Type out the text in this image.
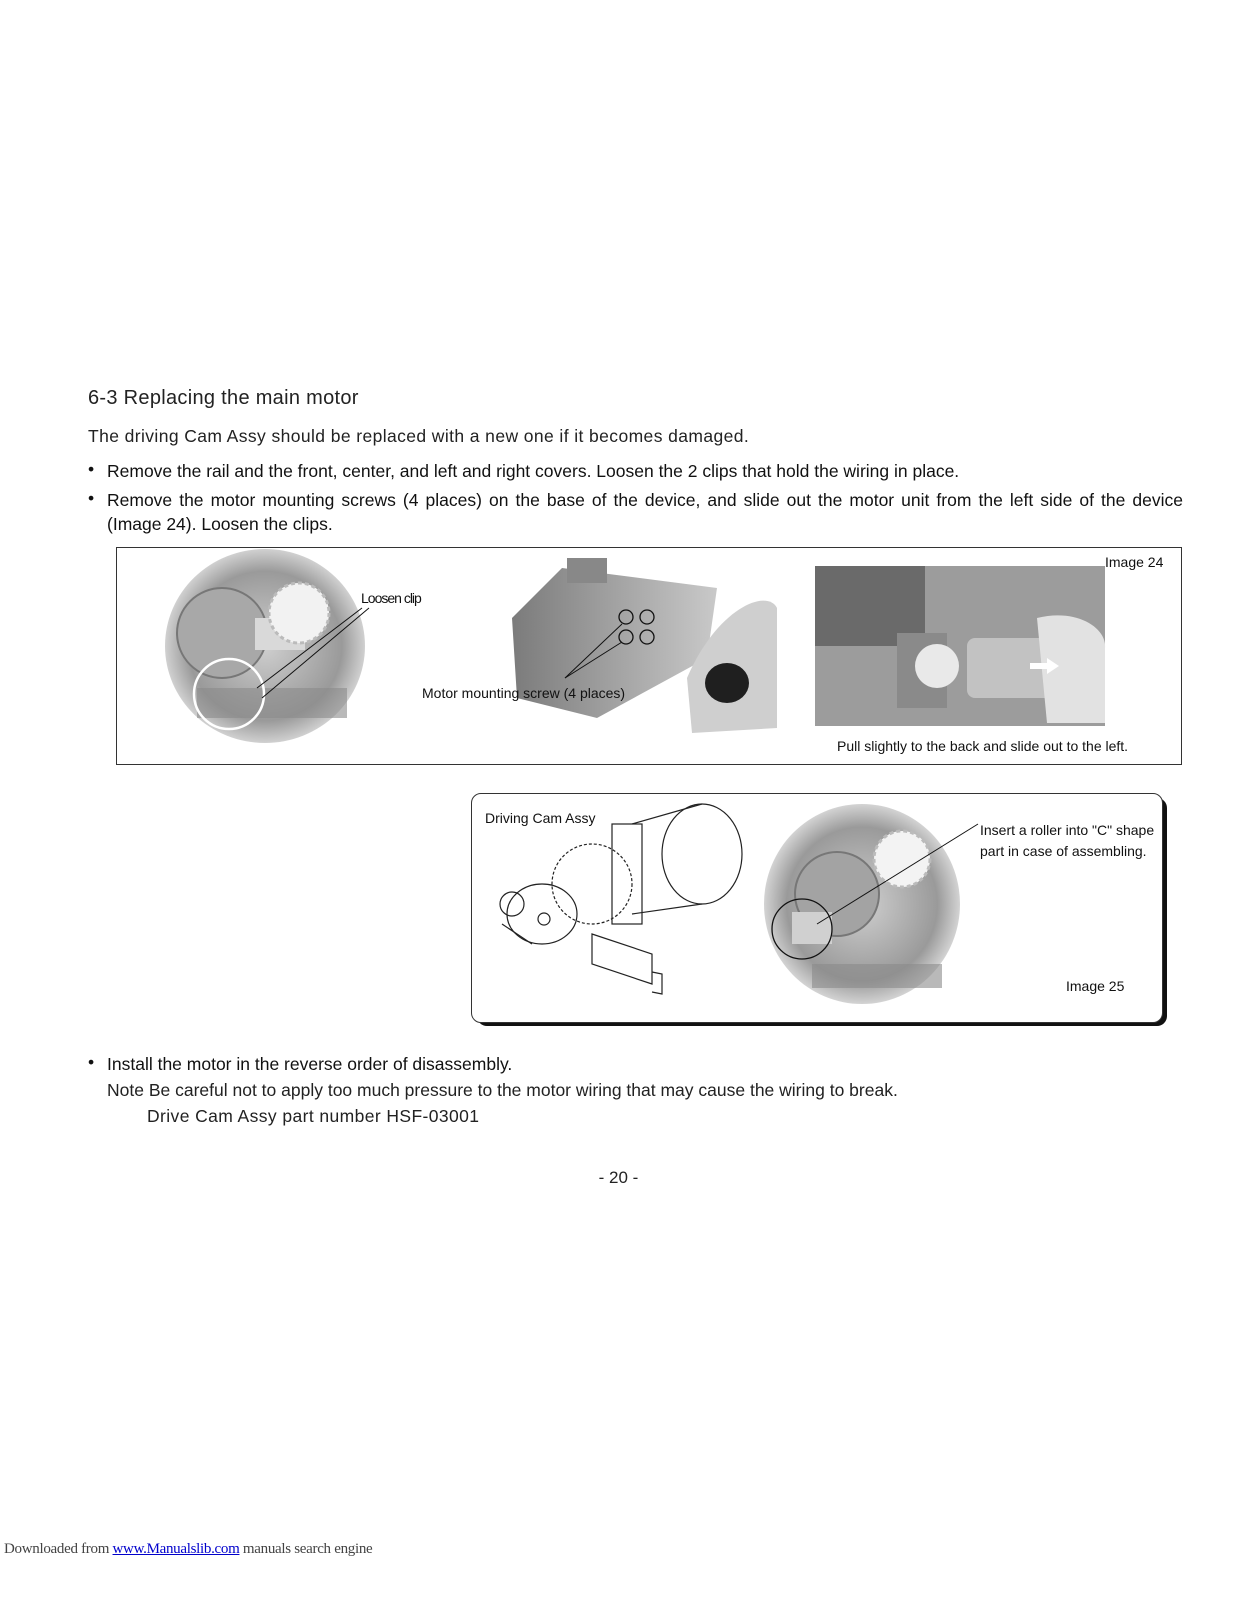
6-3 Replacing the main motor
The driving Cam Assy should be replaced with a new one if it becomes damaged.
• Remove the rail and the front, center, and left and right covers. Loosen the 2 clips that hold the wiring in place.
• Remove the motor mounting screws (4 places) on the base of the device, and slide out the motor unit from the left side of the device (Image 24). Loosen the clips.
Loosen clip
Motor mounting screw (4 places)
Pull slightly to the back and slide out to the left.
Image 24
Driving Cam Assy
Insert a roller into "C" shape
part in case of assembling.
Image 25
• Install the motor in the reverse order of disassembly.
Note Be careful not to apply too much pressure to the motor wiring that may cause the wiring to break.
Drive Cam Assy part number HSF-03001
- 20 -
Downloaded from www.Manualslib.com manuals search engine
